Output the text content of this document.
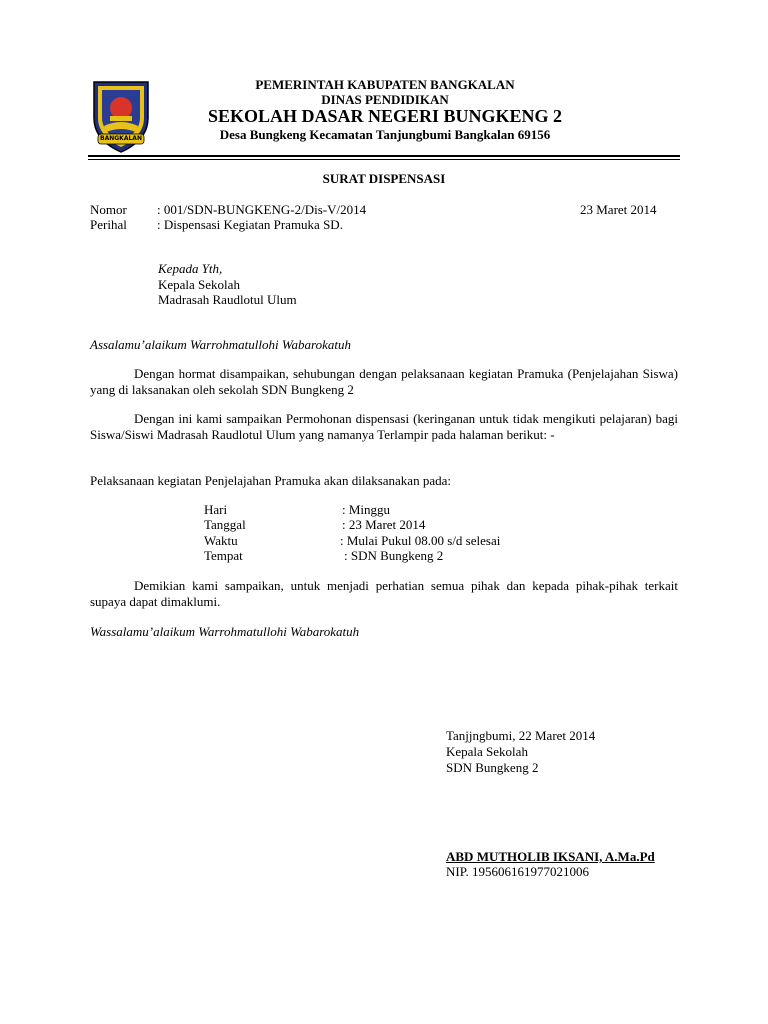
BANGKALAN
PEMERINTAH KABUPATEN BANGKALAN
DINAS PENDIDIKAN
SEKOLAH DASAR NEGERI BUNGKENG 2
Desa Bungkeng Kecamatan Tanjungbumi Bangkalan 69156
SURAT DISPENSASI
Nomor : 001/SDN-BUNGKENG-2/Dis-V/2014	23 Maret 2014
Perihal : Dispensasi Kegiatan Pramuka SD.
Kepada Yth,
Kepala Sekolah
Madrasah Raudlotul Ulum
Assalamu’alaikum Warrohmatullohi Wabarokatuh
Dengan hormat disampaikan, sehubungan dengan pelaksanaan kegiatan Pramuka (Penjelajahan Siswa) yang di laksanakan oleh sekolah SDN Bungkeng 2
Dengan ini kami sampaikan Permohonan dispensasi (keringanan untuk tidak mengikuti pelajaran) bagi Siswa/Siswi Madrasah Raudlotul Ulum yang namanya Terlampir pada halaman berikut: -
Pelaksanaan kegiatan Penjelajahan Pramuka akan dilaksanakan pada:
Hari	: Minggu
Tanggal	: 23 Maret 2014
Waktu	: Mulai Pukul 08.00 s/d selesai
Tempat	: SDN Bungkeng 2
Demikian kami sampaikan, untuk menjadi perhatian semua pihak dan kepada pihak-pihak terkait supaya dapat dimaklumi.
Wassalamu’alaikum Warrohmatullohi Wabarokatuh
Tanjjngbumi, 22 Maret 2014
Kepala Sekolah
SDN Bungkeng 2
ABD MUTHOLIB IKSANI, A.Ma.Pd
NIP. 195606161977021006
